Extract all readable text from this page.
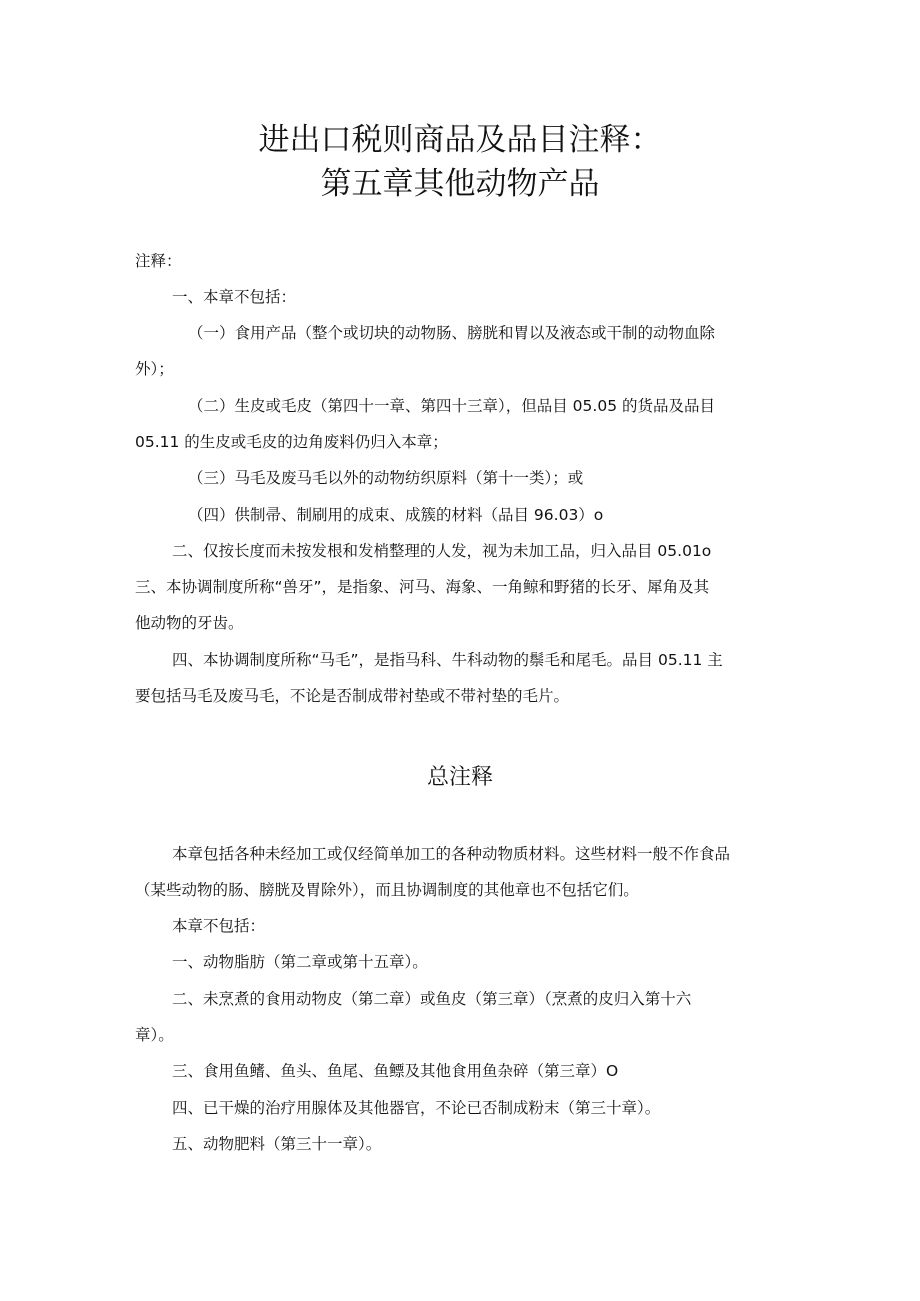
进出口税则商品及品目注释：
第五章其他动物产品

注释：

一、本章不包括：

（一）食用产品（整个或切块的动物肠、膀胱和胃以及液态或干制的动物血除

外）；

（二）生皮或毛皮（第四十一章、第四十三章），但品目 05.05 的货品及品目

05.11 的生皮或毛皮的边角废料仍归入本章；

（三）马毛及废马毛以外的动物纺织原料（第十一类）；或

（四）供制帚、制刷用的成束、成簇的材料（品目 96.03）o

二、仅按长度而未按发根和发梢整理的人发，视为未加工品，归入品目 05.01o

三、本协调制度所称“兽牙”，是指象、河马、海象、一角鲸和野猪的长牙、犀角及其

他动物的牙齿。

四、本协调制度所称“马毛”，是指马科、牛科动物的鬃毛和尾毛。品目 05.11 主

要包括马毛及废马毛，不论是否制成带衬垫或不带衬垫的毛片。

总注释

本章包括各种未经加工或仅经简单加工的各种动物质材料。这些材料一般不作食品

（某些动物的肠、膀胱及胃除外），而且协调制度的其他章也不包括它们。

本章不包括：

一、动物脂肪（第二章或第十五章）。

二、未烹煮的食用动物皮（第二章）或鱼皮（第三章）（烹煮的皮归入第十六

章）。

三、食用鱼鳍、鱼头、鱼尾、鱼鳔及其他食用鱼杂碎（第三章）O

四、已干燥的治疗用腺体及其他器官，不论已否制成粉末（第三十章）。

五、动物肥料（第三十一章）。
